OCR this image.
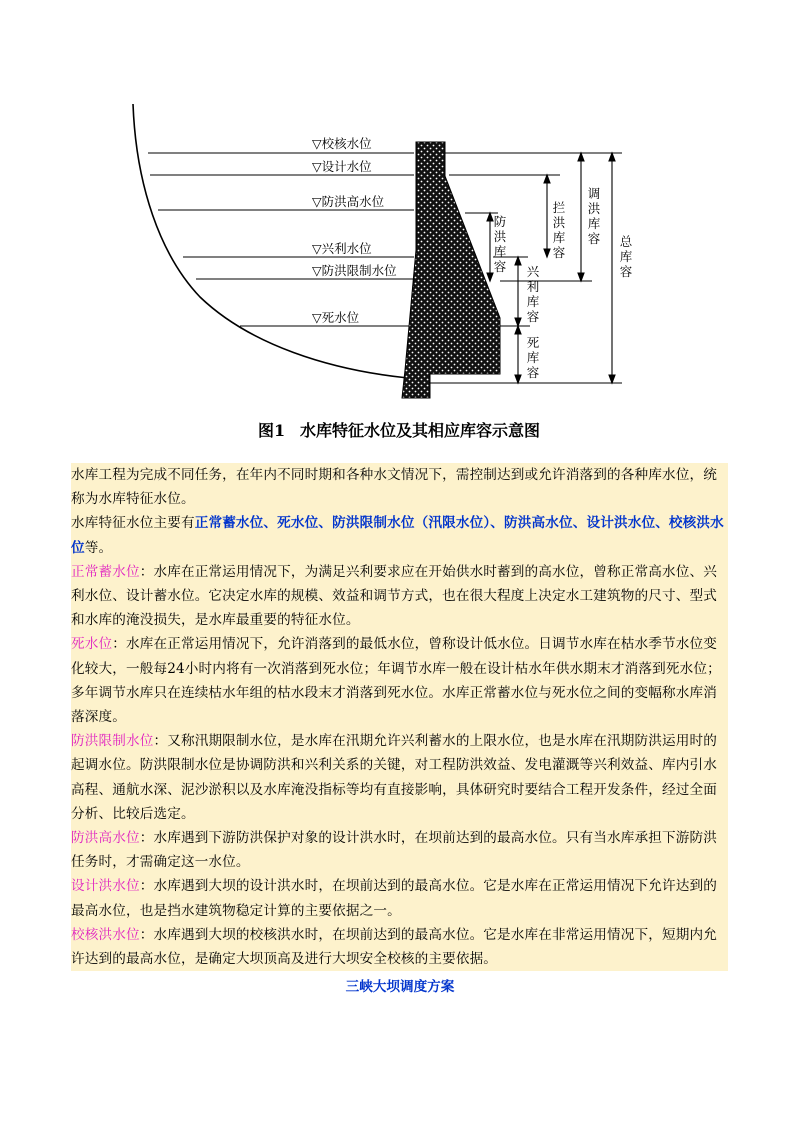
▽校核水位
▽设计水位
▽防洪高水位
▽兴利水位
▽防洪限制水位
▽死水位
防
洪
库
容 兴
利
库
容
死
库
容
拦
洪
库
容
调
洪
库
容 总
库
容
图1 水库特征水位及其相应库容示意图

水库工程为完成不同任务，在年内不同时期和各种水文情况下，需控制达到或允许消落到的各种库水位，统称为水库特征水位。

水库特征水位主要有正常蓄水位、死水位、防洪限制水位（汛限水位）、防洪高水位、设计洪水位、校核洪水位等。

正常蓄水位：水库在正常运用情况下，为满足兴利要求应在开始供水时蓄到的高水位，曾称正常高水位、兴利水位、设计蓄水位。它决定水库的规模、效益和调节方式，也在很大程度上决定水工建筑物的尺寸、型式和水库的淹没损失，是水库最重要的特征水位。

死水位：水库在正常运用情况下，允许消落到的最低水位，曾称设计低水位。日调节水库在枯水季节水位变化较大，一般每24小时内将有一次消落到死水位；年调节水库一般在设计枯水年供水期末才消落到死水位；多年调节水库只在连续枯水年组的枯水段末才消落到死水位。水库正常蓄水位与死水位之间的变幅称水库消落深度。

防洪限制水位：又称汛期限制水位，是水库在汛期允许兴利蓄水的上限水位，也是水库在汛期防洪运用时的起调水位。防洪限制水位是协调防洪和兴利关系的关键，对工程防洪效益、发电灌溉等兴利效益、库内引水高程、通航水深、泥沙淤积以及水库淹没指标等均有直接影响，具体研究时要结合工程开发条件，经过全面分析、比较后选定。

防洪高水位：水库遇到下游防洪保护对象的设计洪水时，在坝前达到的最高水位。只有当水库承担下游防洪任务时，才需确定这一水位。

设计洪水位：水库遇到大坝的设计洪水时，在坝前达到的最高水位。它是水库在正常运用情况下允许达到的最高水位，也是挡水建筑物稳定计算的主要依据之一。

校核洪水位：水库遇到大坝的校核洪水时，在坝前达到的最高水位。它是水库在非常运用情况下，短期内允许达到的最高水位，是确定大坝顶高及进行大坝安全校核的主要依据。

三峡大坝调度方案
